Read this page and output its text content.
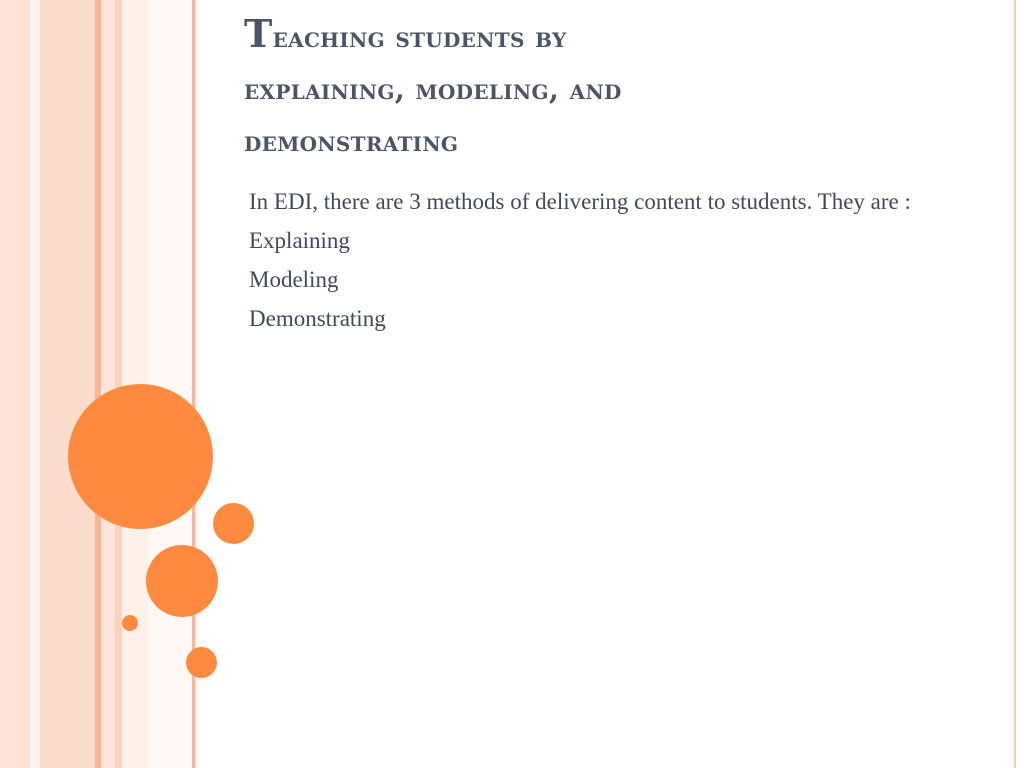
Teaching students by
explaining, modeling, and
demonstrating

In EDI, there are 3 methods of delivering content to students. They are :

Explaining

Modeling

Demonstrating
